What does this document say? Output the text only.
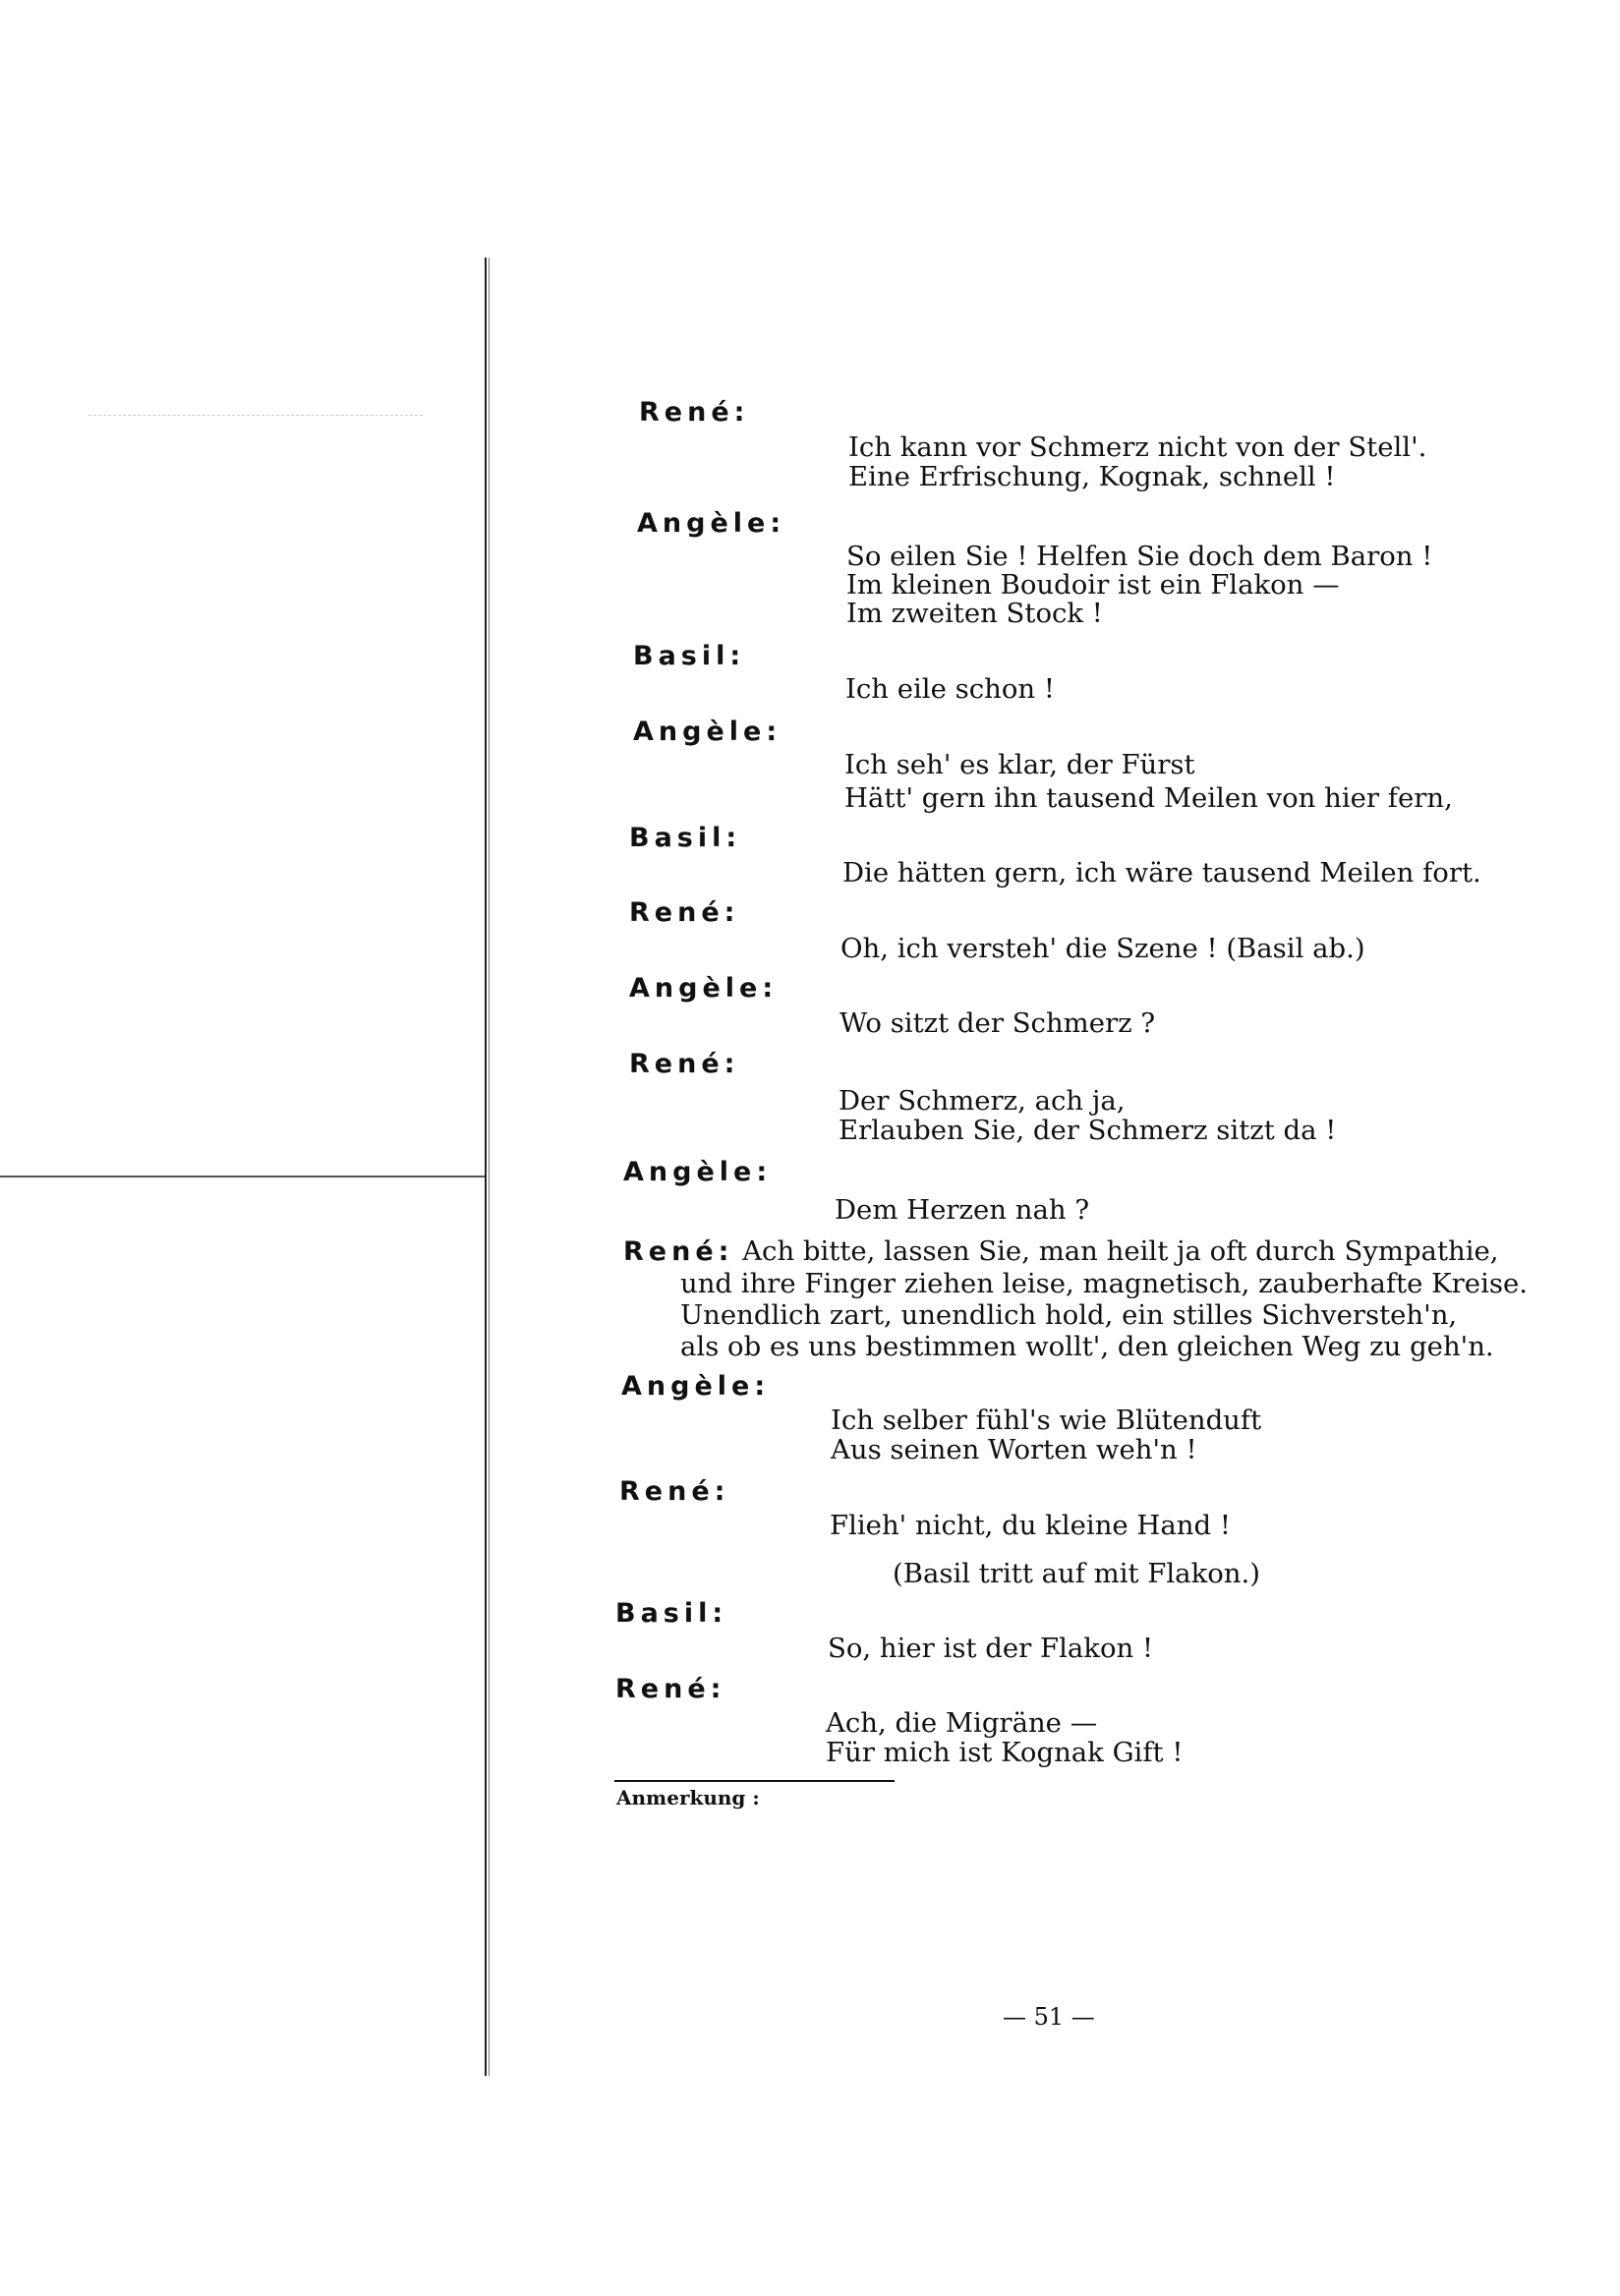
René:
Ich kann vor Schmerz nicht von der Stell'.
Eine Erfrischung, Kognak, schnell !
Angèle:
So eilen Sie ! Helfen Sie doch dem Baron !
Im kleinen Boudoir ist ein Flakon —
Im zweiten Stock !
Basil:
Ich eile schon !
Angèle:
Ich seh' es klar, der Fürst
Hätt' gern ihn tausend Meilen von hier fern,
Basil:
Die hätten gern, ich wäre tausend Meilen fort.
René:
Oh, ich versteh' die Szene ! (Basil ab.)
Angèle:
Wo sitzt der Schmerz ?
René:
Der Schmerz, ach ja,
Erlauben Sie, der Schmerz sitzt da !
Angèle:
Dem Herzen nah ?
René: Ach bitte, lassen Sie, man heilt ja oft durch Sympathie,
und ihre Finger ziehen leise, magnetisch, zauberhafte Kreise.
Unendlich zart, unendlich hold, ein stilles Sichversteh'n,
als ob es uns bestimmen wollt', den gleichen Weg zu geh'n.
Angèle:
Ich selber fühl's wie Blütenduft
Aus seinen Worten weh'n !
René:
Flieh' nicht, du kleine Hand !
(Basil tritt auf mit Flakon.)
Basil:
So, hier ist der Flakon !
René:
Ach, die Migräne —
Für mich ist Kognak Gift !
Anmerkung :
— 51 —
